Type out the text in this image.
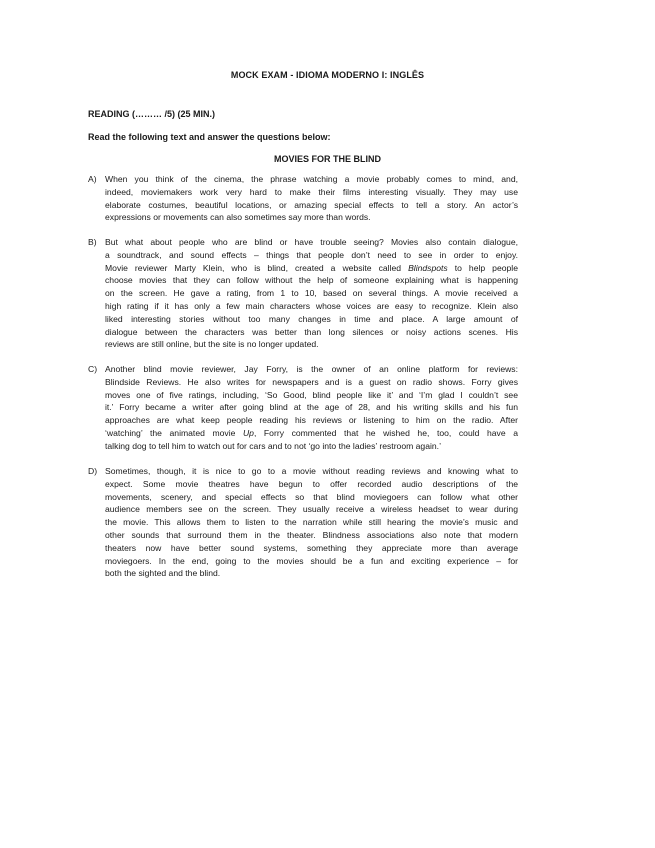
MOCK EXAM - IDIOMA MODERNO I: INGLÊS
READING (……… /5) (25 MIN.)
Read the following text and answer the questions below:
MOVIES FOR THE BLIND
A) When you think of the cinema, the phrase watching a movie probably comes to mind, and,
indeed, moviemakers work very hard to make their films interesting visually. They may use
elaborate costumes, beautiful locations, or amazing special effects to tell a story. An actor’s
expressions or movements can also sometimes say more than words.
B) But what about people who are blind or have trouble seeing? Movies also contain dialogue,
a soundtrack, and sound effects – things that people don’t need to see in order to enjoy.
Movie reviewer Marty Klein, who is blind, created a website called Blindspots to help people
choose movies that they can follow without the help of someone explaining what is happening
on the screen. He gave a rating, from 1 to 10, based on several things. A movie received a
high rating if it has only a few main characters whose voices are easy to recognize. Klein also
liked interesting stories without too many changes in time and place. A large amount of
dialogue between the characters was better than long silences or noisy actions scenes. His
reviews are still online, but the site is no longer updated.
C) Another blind movie reviewer, Jay Forry, is the owner of an online platform for reviews:
Blindside Reviews. He also writes for newspapers and is a guest on radio shows. Forry gives
moves one of five ratings, including, ‘So Good, blind people like it’ and ‘I’m glad I couldn’t see
it.’ Forry became a writer after going blind at the age of 28, and his writing skills and his fun
approaches are what keep people reading his reviews or listening to him on the radio. After
‘watching’ the animated movie Up, Forry commented that he wished he, too, could have a
talking dog to tell him to watch out for cars and to not ‘go into the ladies’ restroom again.’
D) Sometimes, though, it is nice to go to a movie without reading reviews and knowing what to
expect. Some movie theatres have begun to offer recorded audio descriptions of the
movements, scenery, and special effects so that blind moviegoers can follow what other
audience members see on the screen. They usually receive a wireless headset to wear during
the movie. This allows them to listen to the narration while still hearing the movie’s music and
other sounds that surround them in the theater. Blindness associations also note that modern
theaters now have better sound systems, something they appreciate more than average
moviegoers. In the end, going to the movies should be a fun and exciting experience – for
both the sighted and the blind.
